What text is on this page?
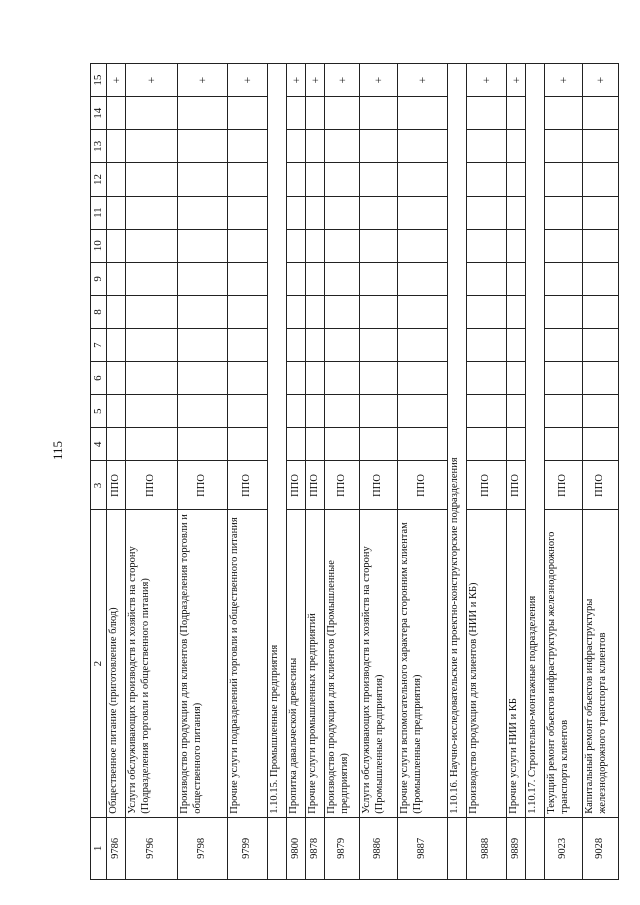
115
1	2	3	4	5	6	7	8	9	10	11	12	13	14	15
9786	Общественное питание (приготовление блюд)	ППО												+
9796	Услуги обслуживающих производств и хозяйств на сторону (Подразделения торговли и общественного питания)	ППО												+
9798	Производство продукции для клиентов (Подразделения торговли и общественного питания)	ППО												+
9799	Прочие услуги подразделений торговли и общественного питания	ППО												+
	1.10.15. Промышленные предприятия													
9800	Пропитка давальческой древесины	ППО												+
9878	Прочие услуги промышленных предприятий	ППО												+
9879	Производство продукции для клиентов (Промышленные предприятия)	ППО												+
9886	Услуги обслуживающих производств и хозяйств на сторону (Промышленные предприятия)	ППО												+
9887	Прочие услуги вспомогательного характера сторонним клиентам (Промышленные предприятия)	ППО												+
	1.10.16. Научно-исследовательские и проектно-конструкторские подразделения													
9888	Производство продукции для клиентов (НИИ и КБ)	ППО												+
9889	Прочие услуги НИИ и КБ	ППО												+
	1.10.17. Строительно-монтажные подразделения													
9023	Текущий ремонт объектов инфраструктуры железнодорожного транспорта клиентов	ППО												+
9028	Капитальный ремонт объектов инфраструктуры железнодорожного транспорта клиентов	ППО												+
